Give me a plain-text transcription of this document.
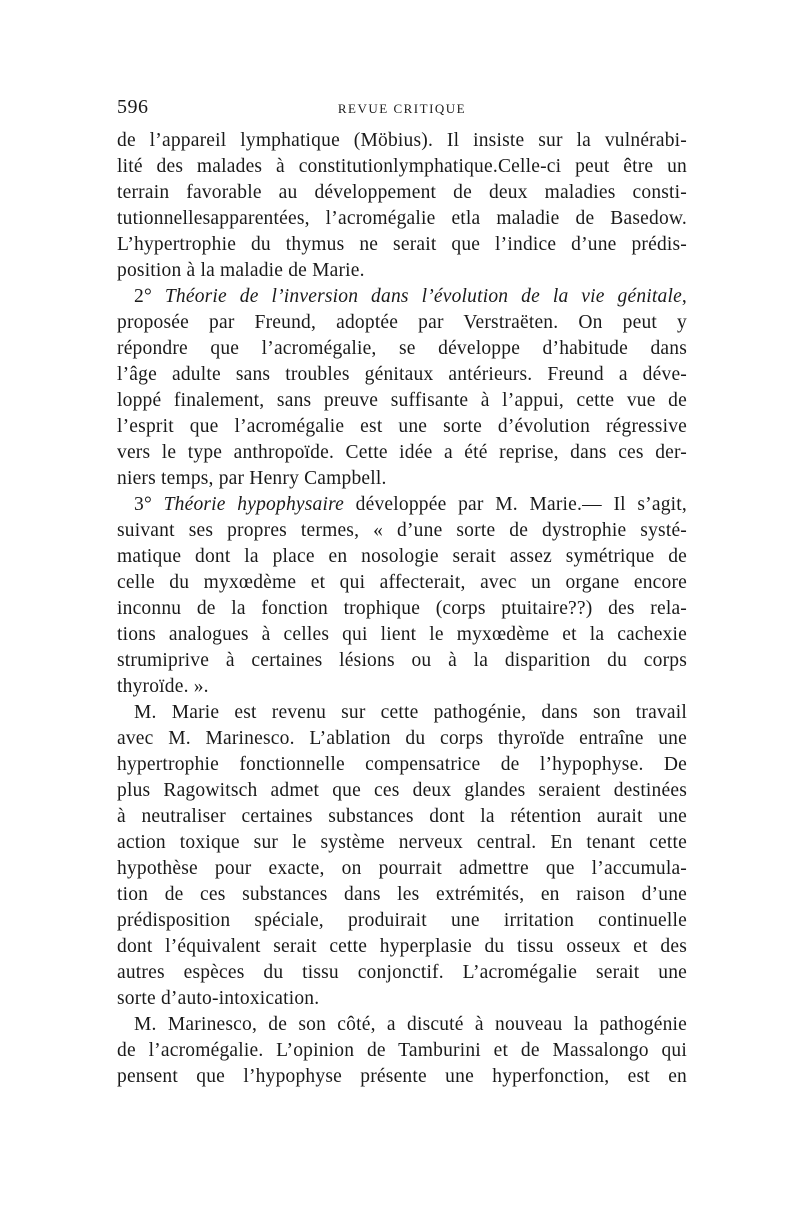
596	REVUE CRITIQUE
de l’appareil lymphatique (Möbius). Il insiste sur la vulnérabi-
lité des malades à constitutionlymphatique.Celle-ci peut être un
terrain favorable au développement de deux maladies consti-
tutionnellesapparentées, l’acromégalie etla maladie de Basedow.
L’hypertrophie du thymus ne serait que l’indice d’une prédis-
position à la maladie de Marie.
2° Théorie de l’inversion dans l’évolution de la vie génitale,
proposée par Freund, adoptée par Verstraëten. On peut y
répondre que l’acromégalie, se développe d’habitude dans
l’âge adulte sans troubles génitaux antérieurs. Freund a déve-
loppé finalement, sans preuve suffisante à l’appui, cette vue de
l’esprit que l’acromégalie est une sorte d’évolution régressive
vers le type anthropoïde. Cette idée a été reprise, dans ces der-
niers temps, par Henry Campbell.
3° Théorie hypophysaire développée par M. Marie.— Il s’agit,
suivant ses propres termes, « d’une sorte de dystrophie systé-
matique dont la place en nosologie serait assez symétrique de
celle du myxœdème et qui affecterait, avec un organe encore
inconnu de la fonction trophique (corps ptuitaire??) des rela-
tions analogues à celles qui lient le myxœdème et la cachexie
strumiprive à certaines lésions ou à la disparition du corps
thyroïde. ».
M. Marie est revenu sur cette pathogénie, dans son travail
avec M. Marinesco. L’ablation du corps thyroïde entraîne une
hypertrophie fonctionnelle compensatrice de l’hypophyse. De
plus Ragowitsch admet que ces deux glandes seraient destinées
à neutraliser certaines substances dont la rétention aurait une
action toxique sur le système nerveux central. En tenant cette
hypothèse pour exacte, on pourrait admettre que l’accumula-
tion de ces substances dans les extrémités, en raison d’une
prédisposition spéciale, produirait une irritation continuelle
dont l’équivalent serait cette hyperplasie du tissu osseux et des
autres espèces du tissu conjonctif. L’acromégalie serait une
sorte d’auto-intoxication.
M. Marinesco, de son côté, a discuté à nouveau la pathogénie
de l’acromégalie. L’opinion de Tamburini et de Massalongo qui
pensent que l’hypophyse présente une hyperfonction, est en
